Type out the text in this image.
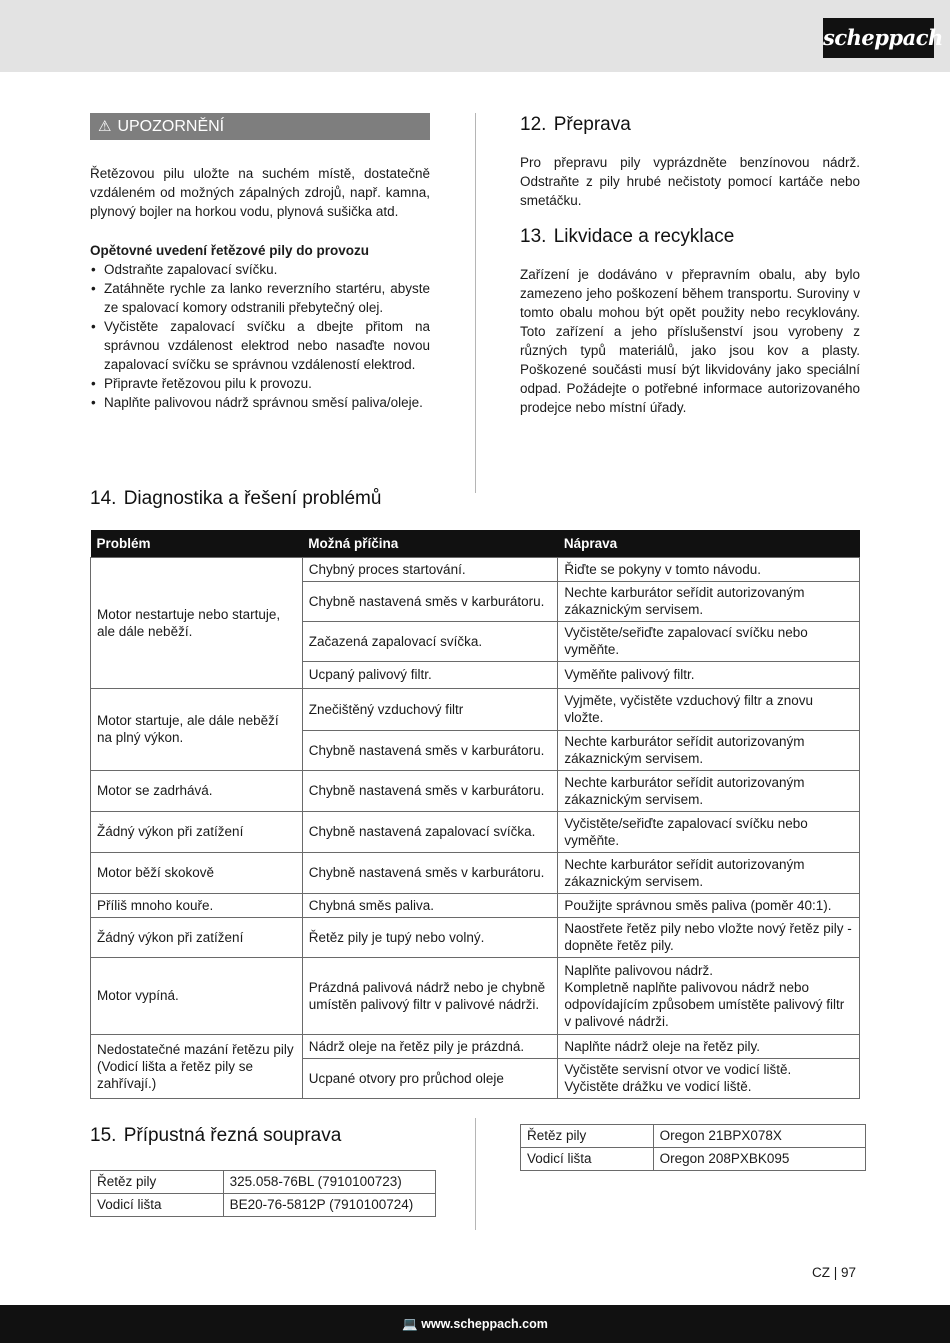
scheppach
⚠ UPOZORNĚNÍ

Řetězovou pilu uložte na suchém místě, dostatečně vzdáleném od možných zápalných zdrojů, např. kamna, plynový bojler na horkou vodu, plynová sušička atd.

Opětovné uvedení řetězové pily do provozu
• Odstraňte zapalovací svíčku.
• Zatáhněte rychle za lanko reverzního startéru, abyste ze spalovací komory odstranili přebytečný olej.
• Vyčistěte zapalovací svíčku a dbejte přitom na správnou vzdálenost elektrod nebo nasaďte novou zapalovací svíčku se správnou vzdáleností elektrod.
• Připravte řetězovou pilu k provozu.
• Naplňte palivovou nádrž správnou směsí paliva/oleje.
12. Přeprava

Pro přepravu pily vyprázdněte benzínovou nádrž. Odstraňte z pily hrubé nečistoty pomocí kartáče nebo smetáčku.

13. Likvidace a recyklace

Zařízení je dodáváno v přepravním obalu, aby bylo zamezeno jeho poškození během transportu. Suroviny v tomto obalu mohou být opět použity nebo recyklovány. Toto zařízení a jeho příslušenství jsou vyrobeny z různých typů materiálů, jako jsou kov a plasty. Poškozené součásti musí být likvidovány jako speciální odpad. Požádejte o potřebné informace autorizovaného prodejce nebo místní úřady.

14. Diagnostika a řešení problémů
Problém	Možná příčina	Náprava
Motor nestartuje nebo startuje, ale dále neběží.	Chybný proces startování.	Řiďte se pokyny v tomto návodu.
	Chybně nastavená směs v karburátoru.	Nechte karburátor seřídit autorizovaným zákaznickým servisem.
	Začazená zapalovací svíčka.	Vyčistěte/seřiďte zapalovací svíčku nebo vyměňte.
	Ucpaný palivový filtr.	Vyměňte palivový filtr.
Motor startuje, ale dále neběží na plný výkon.	Znečištěný vzduchový filtr	Vyjměte, vyčistěte vzduchový filtr a znovu vložte.
	Chybně nastavená směs v karburátoru.	Nechte karburátor seřídit autorizovaným zákaznickým servisem.
Motor se zadrhává.	Chybně nastavená směs v karburátoru.	Nechte karburátor seřídit autorizovaným zákaznickým servisem.
Žádný výkon při zatížení	Chybně nastavená zapalovací svíčka.	Vyčistěte/seřiďte zapalovací svíčku nebo vyměňte.
Motor běží skokově	Chybně nastavená směs v karburátoru.	Nechte karburátor seřídit autorizovaným zákaznickým servisem.
Příliš mnoho kouře.	Chybná směs paliva.	Použijte správnou směs paliva (poměr 40:1).
Žádný výkon při zatížení	Řetěz pily je tupý nebo volný.	Naostřete řetěz pily nebo vložte nový řetěz pily - dopněte řetěz pily.
Motor vypíná.	Prázdná palivová nádrž nebo je chybně umístěn palivový filtr v palivové nádrži.	Naplňte palivovou nádrž.
Kompletně naplňte palivovou nádrž nebo odpovídajícím způsobem umístěte palivový filtr v palivové nádrži.
Nedostatečné mazání řetězu pily (Vodicí lišta a řetěz pily se zahřívají.)	Nádrž oleje na řetěz pily je prázdná.	Naplňte nádrž oleje na řetěz pily.
	Ucpané otvory pro průchod oleje	Vyčistěte servisní otvor ve vodicí liště.
Vyčistěte drážku ve vodicí liště.
15. Přípustná řezná souprava
Řetěz pily	325.058-76BL (7910100723)
Vodicí lišta	BE20-76-5812P (7910100724)
Řetěz pily	Oregon 21BPX078X
Vodicí lišta	Oregon 208PXBK095
CZ | 97
💻 www.scheppach.com
